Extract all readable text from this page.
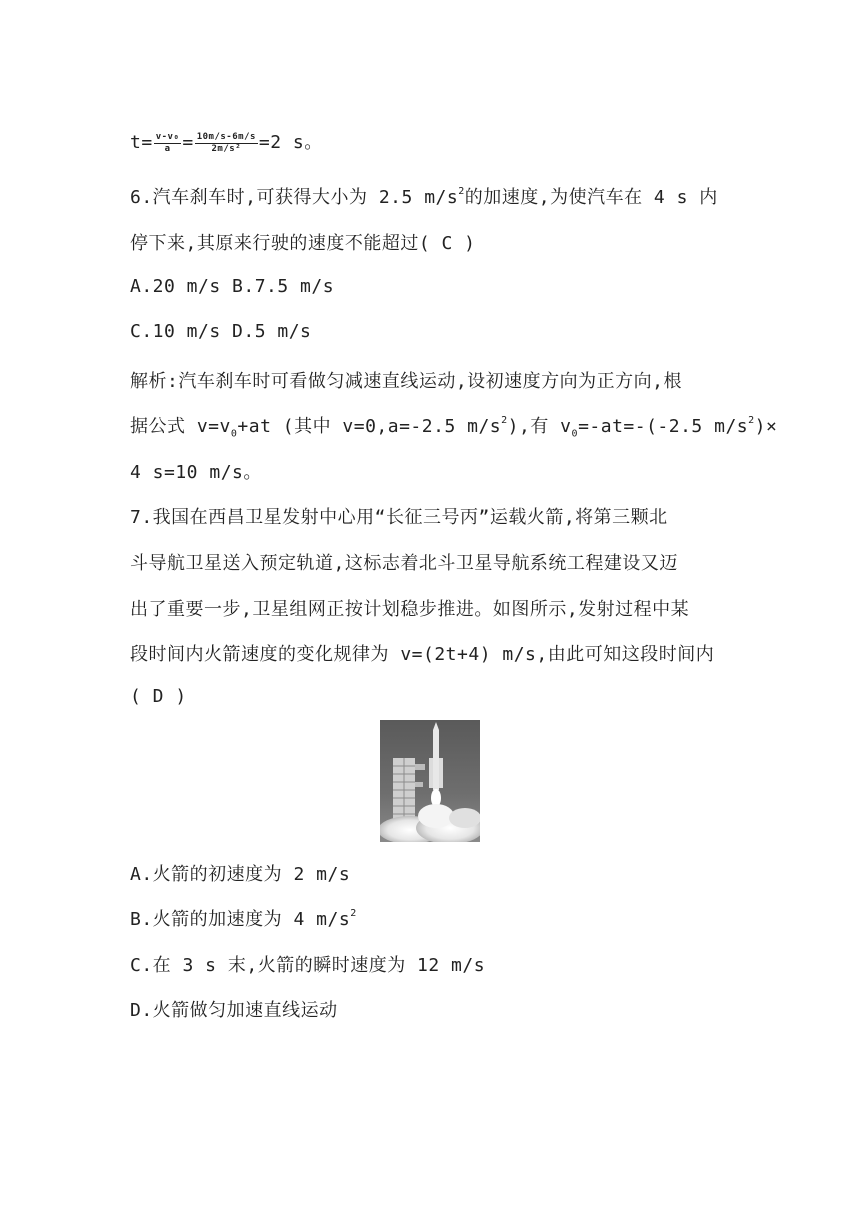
$t= \frac{\text{v-v₀}}{a} = \frac{10m/s-6m/s}{\text{2m/s²}} =2$ s。
6.汽车刹车时,可获得大小为 2.5 $m/s^2$的加速度,为使汽车在 4 s 内
停下来,其原来行驶的速度不能超过( C )
A.20 m/s B.7.5 m/s
C.10 m/s D.5 m/s
解析:汽车刹车时可看做匀减速直线运动,设初速度方向为正方向,根
据公式 $v=v_0+at$ (其中 v=0,a=-2.5 $m/s^2$),有 $v_0=-at=-(-2.5$ $m/s^2)\times$
4 s=10 m/s。
7.我国在西昌卫星发射中心用“长征三号丙”运载火箭,将第三颗北
斗导航卫星送入预定轨道,这标志着北斗卫星导航系统工程建设又迈
出了重要一步,卫星组网正按计划稳步推进。如图所示,发射过程中某
段时间内火箭速度的变化规律为 v=(2t+4) m/s,由此可知这段时间内
( D )
A.火箭的初速度为 2 m/s
B.火箭的加速度为 4 $m/s^2$
C.在 3 s 末,火箭的瞬时速度为 12 m/s
D.火箭做匀加速直线运动
